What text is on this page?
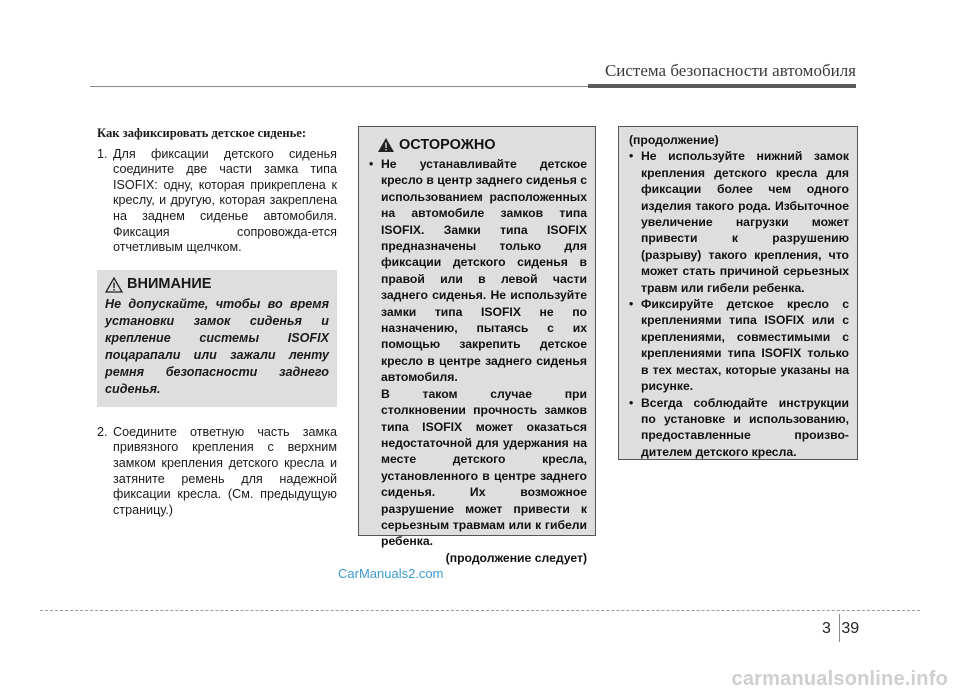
Система безопасности автомобиля
Как зафиксировать детское сиденье:
1. Для фиксации детского сиденья соедините две части замка типа ISOFIX: одну, которая прикреплена к креслу, и другую, которая закреплена на заднем сиденье автомобиля. Фиксация сопровожда-ется отчетливым щелчком.
ВНИМАНИЕ
Не допускайте, чтобы во время установки замок сиденья и крепление системы ISOFIX поцарапали или зажали ленту ремня безопасности заднего сиденья.
2. Соедините ответную часть замка привязного крепления с верхним замком крепления детского кресла и затяните ремень для надежной фиксации кресла. (См. предыдущую страницу.)
ОСТОРОЖНО
• Не устанавливайте детское кресло в центр заднего сиденья с использованием расположенных на автомобиле замков типа ISOFIX. Замки типа ISOFIX предназначены только для фиксации детского сиденья в правой или в левой части заднего сиденья. Не используйте замки типа ISOFIX не по назначению, пытаясь с их помощью закрепить детское кресло в центре заднего сиденья автомобиля.
В таком случае при столкновении прочность замков типа ISOFIX может оказаться недостаточной для удержания на месте детского кресла, установленного в центре заднего сиденья. Их возможное разрушение может привести к серьезным травмам или к гибели ребенка.
(продолжение следует)
(продолжение)
• Не используйте нижний замок крепления детского кресла для фиксации более чем одного изделия такого рода. Избыточное увеличение нагрузки может привести к разрушению (разрыву) такого крепления, что может стать причиной серьезных травм или гибели ребенка.
• Фиксируйте детское кресло с креплениями типа ISOFIX или с креплениями, совместимыми с креплениями типа ISOFIX только в тех местах, которые указаны на рисунке.
• Всегда соблюдайте инструкции по установке и использованию, предоставленные произво-дителем детского кресла.
CarManuals2.com
3 39
carmanualsonline.info
